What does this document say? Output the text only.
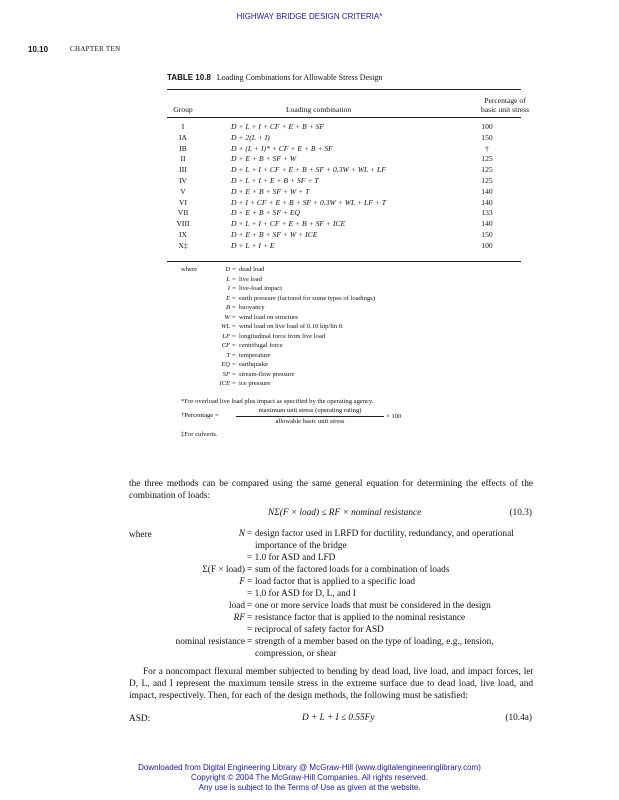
HIGHWAY BRIDGE DESIGN CRITERIA*
10.10	CHAPTER TEN
TABLE 10.8 Loading Combinations for Allowable Stress Design
Percentage of
basic unit stress
Group	Loading combination
I	D + L + I + CF + E + B + SF	100
IA	D + 2(L + I)	150
IB	D + (L + I)* + CF + E + B + SF	†
II	D + E + B + SF + W	125
III	D + L + I + CF + E + B + SF + 0.3W + WL + LF	125
IV	D + L + I + E + B + SF + T	125
V	D + E + B + SF + W + T	140
VI	D + I + CF + E + B + SF + 0.3W + WL + LF + T	140
VII	D + E + B + SF + EQ	133
VIII	D + L + I + CF + E + B + SF + ICE	140
IX	D + E + B + SF + W + ICE	150
X‡	D + L + I + E	100
where	D = dead load
L = live load
I = live-load impact
E = earth pressure (factored for some types of loadings)
B = buoyancy
W = wind load on structure
WL = wind load on live load of 0.10 kip/lin ft
LF = longitudinal force from live load
CF = centrifugal force
T = temperature
EQ = earthquake
SF = stream-flow pressure
ICE = ice pressure
*For overload live load plus impact as specified by the operating agency.
†Percentage =
maximum unit stress (operating rating)
allowable basic unit stress
× 100
‡For culverts.
the three methods can be compared using the same general equation for determining the effects of the combination of loads:
NΣ(F × load) ≤ RF × nominal resistance	(10.3)
where	N = design factor used in LRFD for ductility, redundancy, and operational
importance of the bridge
= 1.0 for ASD and LFD
Σ(F × load) = sum of the factored loads for a combination of loads
F = load factor that is applied to a specific load
= 1.0 for ASD for D, L, and I
load = one or more service loads that must be considered in the design
RF = resistance factor that is applied to the nominal resistance
= reciprocal of safety factor for ASD
nominal resistance = strength of a member based on the type of loading, e.g., tension,
compression, or shear
For a noncompact flexural member subjected to bending by dead load, live load, and impact forces, let D, L, and I represent the maximum tensile stress in the extreme surface due to dead load, live load, and impact, respectively. Then, for each of the design methods, the following must be satisfied:
ASD:	D + L + I ≤ 0.55Fy	(10.4a)
Downloaded from Digital Engineering Library @ McGraw-Hill (www.digitalengineeringlibrary.com)
Copyright © 2004 The McGraw-Hill Companies. All rights reserved.
Any use is subject to the Terms of Use as given at the website.
